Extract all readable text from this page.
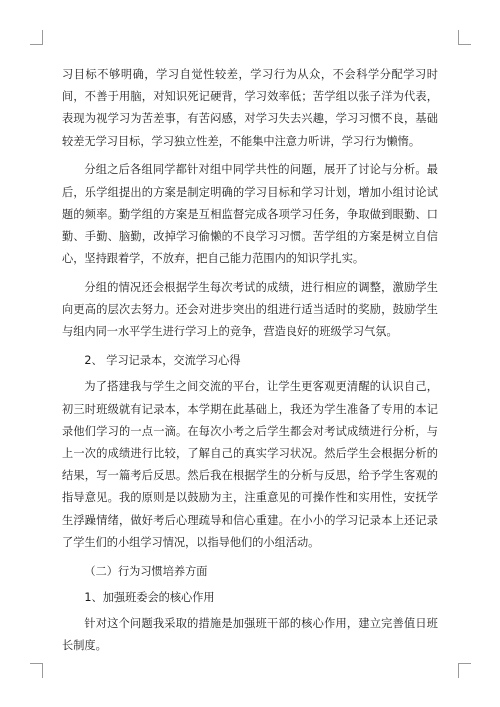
习目标不够明确，学习自觉性较差，学习行为从众，不会科学分配学习时间，不善于用脑，对知识死记硬背，学习效率低；苦学组以张子洋为代表，表现为视学习为苦差事，有苦闷感，对学习失去兴趣，学习习惯不良，基础较差无学习目标，学习独立性差，不能集中注意力听讲，学习行为懒惰。

分组之后各组同学都针对组中同学共性的问题，展开了讨论与分析。最后，乐学组提出的方案是制定明确的学习目标和学习计划，增加小组讨论试题的频率。勤学组的方案是互相监督完成各项学习任务，争取做到眼勤、口勤、手勤、脑勤，改掉学习偷懒的不良学习习惯。苦学组的方案是树立自信心，坚持跟着学，不放弃，把自己能力范围内的知识学扎实。

分组的情况还会根据学生每次考试的成绩，进行相应的调整，激励学生向更高的层次去努力。还会对进步突出的组进行适当适时的奖励，鼓励学生与组内同一水平学生进行学习上的竞争，营造良好的班级学习气氛。

2、 学习记录本，交流学习心得

为了搭建我与学生之间交流的平台，让学生更客观更清醒的认识自己，初三时班级就有记录本，本学期在此基础上，我还为学生准备了专用的本记录他们学习的一点一滴。在每次小考之后学生都会对考试成绩进行分析，与上一次的成绩进行比较，了解自己的真实学习状况。然后学生会根据分析的结果，写一篇考后反思。然后我在根据学生的分析与反思，给予学生客观的指导意见。我的原则是以鼓励为主，注重意见的可操作性和实用性，安抚学生浮躁情绪，做好考后心理疏导和信心重建。在小小的学习记录本上还记录了学生们的小组学习情况，以指导他们的小组活动。

（二）行为习惯培养方面

1、加强班委会的核心作用

针对这个问题我采取的措施是加强班干部的核心作用，建立完善值日班长制度。
